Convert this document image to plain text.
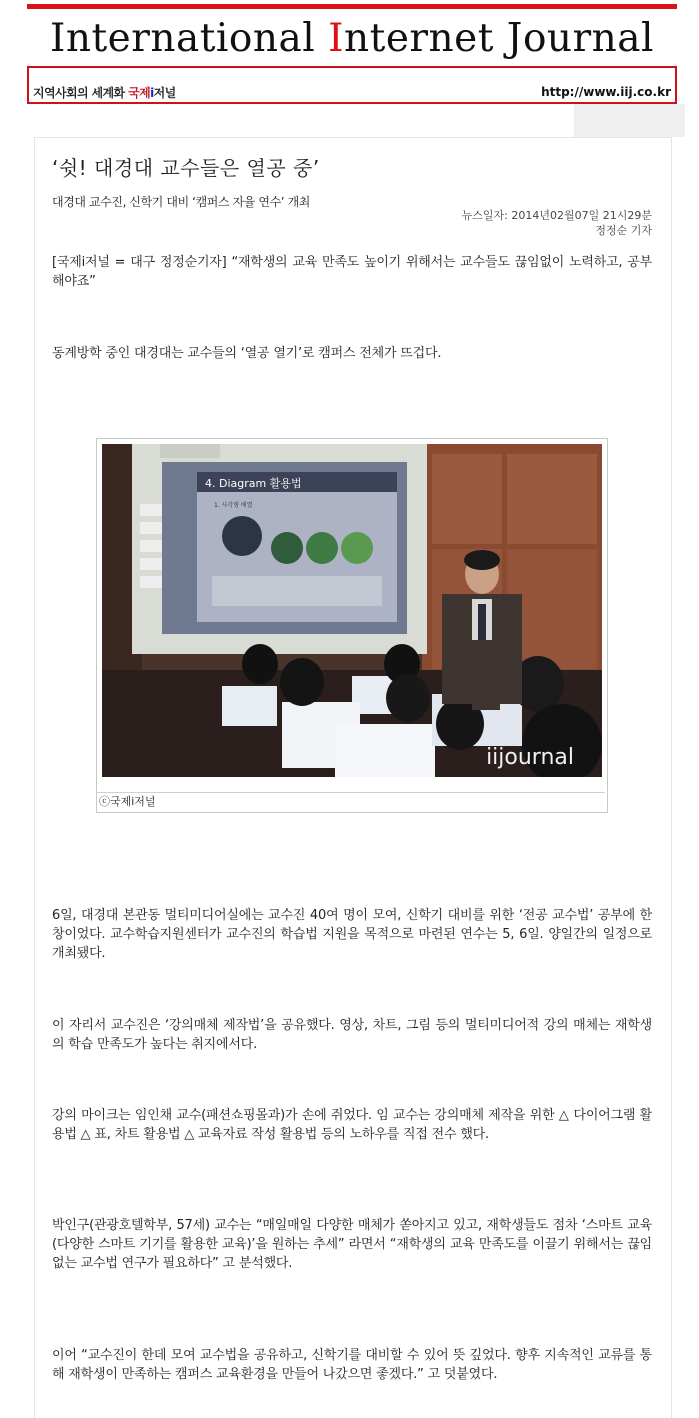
International Internet Journal
지역사회의 세계화 국제i저널	http://www.iij.co.kr
‘쉿! 대경대 교수들은 열공 중’
대경대 교수진, 신학기 대비 ‘캠퍼스 자율 연수’ 개최
뉴스일자: 2014년02월07일 21시29분
정정순 기자
[국제i저널 = 대구 정정순기자] “재학생의 교육 만족도 높이기 위해서는 교수들도 끊임없이 노력하고, 공부 해야죠”
동계방학 중인 대경대는 교수들의 ‘열공 열기’로 캠퍼스 전체가 뜨겁다.
4. Diagram 활용법
1. 사각형 배열
iijournal
ⓒ국제i저널
6일, 대경대 본관동 멀티미디어실에는 교수진 40여 명이 모여, 신학기 대비를 위한 ‘전공 교수법’ 공부에 한창이었다. 교수학습지원센터가 교수진의 학습법 지원을 목적으로 마련된 연수는 5, 6일. 양일간의 일정으로 개최됐다.
이 자리서 교수진은 ‘강의매체 제작법’을 공유했다. 영상, 차트, 그림 등의 멀티미디어적 강의 매체는 재학생의 학습 만족도가 높다는 취지에서다.
강의 마이크는 임인채 교수(패션쇼핑몰과)가 손에 쥐었다. 임 교수는 강의매체 제작을 위한 △ 다이어그램 활용법 △ 표, 차트 활용법 △ 교육자료 작성 활용법 등의 노하우를 직접 전수 했다.
박인구(관광호텔학부, 57세) 교수는 “매일매일 다양한 매체가 쏟아지고 있고, 재학생들도 점차 ‘스마트 교육(다양한 스마트 기기를 활용한 교육)’을 원하는 추세” 라면서 “재학생의 교육 만족도를 이끌기 위해서는 끊임없는 교수법 연구가 필요하다” 고 분석했다.
이어 “교수진이 한데 모여 교수법을 공유하고, 신학기를 대비할 수 있어 뜻 깊었다. 향후 지속적인 교류를 통해 재학생이 만족하는 캠퍼스 교육환경을 만들어 나갔으면 좋겠다.” 고 덧붙였다.
